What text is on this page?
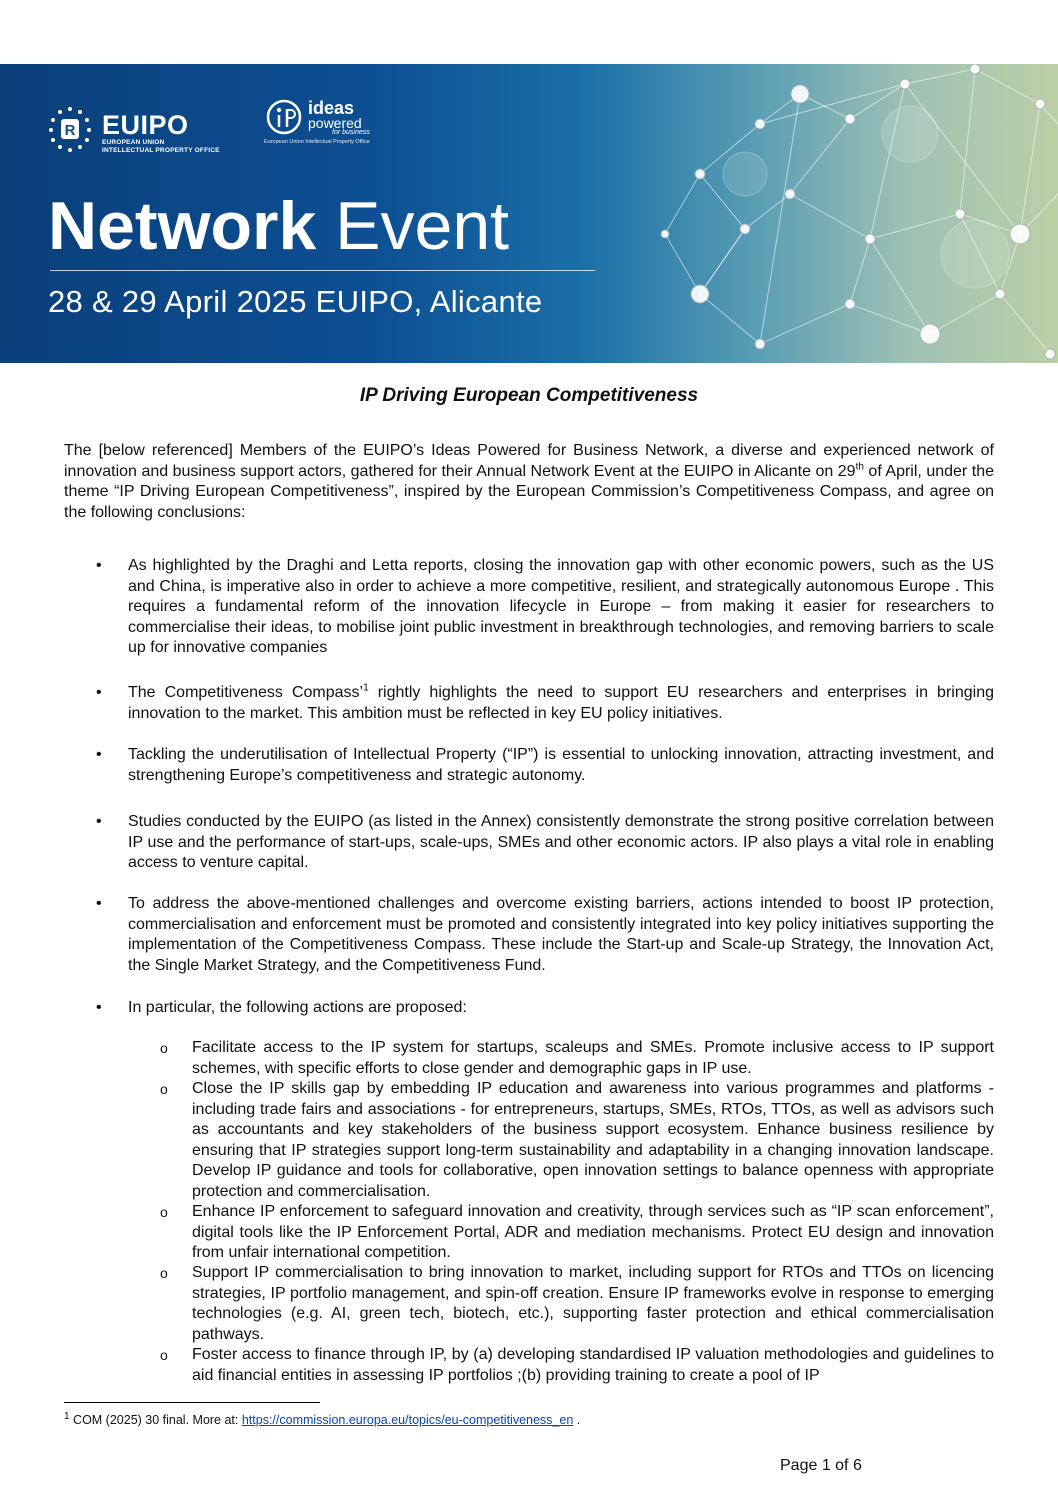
R EUIPO
EUROPEAN UNION
INTELLECTUAL PROPERTY OFFICE
ideas
powered
for business
European Union Intellectual Property Office
Network Event
28 & 29 April 2025 EUIPO, Alicante
IP Driving European Competitiveness
The [below referenced] Members of the EUIPO’s Ideas Powered for Business Network, a diverse and experienced network of innovation and business support actors, gathered for their Annual Network Event at the EUIPO in Alicante on 29th of April, under the theme “IP Driving European Competitiveness”, inspired by the European Commission’s Competitiveness Compass, and agree on the following conclusions:
• As highlighted by the Draghi and Letta reports, closing the innovation gap with other economic powers, such as the US and China, is imperative also in order to achieve a more competitive, resilient, and strategically autonomous Europe . This requires a fundamental reform of the innovation lifecycle in Europe – from making it easier for researchers to commercialise their ideas, to mobilise joint public investment in breakthrough technologies, and removing barriers to scale up for innovative companies
• The Competitiveness Compass’$^1$ rightly highlights the need to support EU researchers and enterprises in bringing innovation to the market. This ambition must be reflected in key EU policy initiatives.
• Tackling the underutilisation of Intellectual Property (“IP”) is essential to unlocking innovation, attracting investment, and strengthening Europe’s competitiveness and strategic autonomy.
• Studies conducted by the EUIPO (as listed in the Annex) consistently demonstrate the strong positive correlation between IP use and the performance of start-ups, scale-ups, SMEs and other economic actors. IP also plays a vital role in enabling access to venture capital.
• To address the above-mentioned challenges and overcome existing barriers, actions intended to boost IP protection, commercialisation and enforcement must be promoted and consistently integrated into key policy initiatives supporting the implementation of the Competitiveness Compass. These include the Start-up and Scale-up Strategy, the Innovation Act, the Single Market Strategy, and the Competitiveness Fund.
• In particular, the following actions are proposed:
o Facilitate access to the IP system for startups, scaleups and SMEs. Promote inclusive access to IP support schemes, with specific efforts to close gender and demographic gaps in IP use.
o Close the IP skills gap by embedding IP education and awareness into various programmes and platforms - including trade fairs and associations - for entrepreneurs, startups, SMEs, RTOs, TTOs, as well as advisors such as accountants and key stakeholders of the business support ecosystem. Enhance business resilience by ensuring that IP strategies support long-term sustainability and adaptability in a changing innovation landscape. Develop IP guidance and tools for collaborative, open innovation settings to balance openness with appropriate protection and commercialisation.
o Enhance IP enforcement to safeguard innovation and creativity, through services such as “IP scan enforcement”, digital tools like the IP Enforcement Portal, ADR and mediation mechanisms. Protect EU design and innovation from unfair international competition.
o Support IP commercialisation to bring innovation to market, including support for RTOs and TTOs on licencing strategies, IP portfolio management, and spin-off creation. Ensure IP frameworks evolve in response to emerging technologies (e.g. AI, green tech, biotech, etc.), supporting faster protection and ethical commercialisation pathways.
o Foster access to finance through IP, by (a) developing standardised IP valuation methodologies and guidelines to aid financial entities in assessing IP portfolios ;(b) providing training to create a pool of IP
$^1$ COM (2025) 30 final. More at: https://commission.europa.eu/topics/eu-competitiveness_en .
Page 1 of 6
